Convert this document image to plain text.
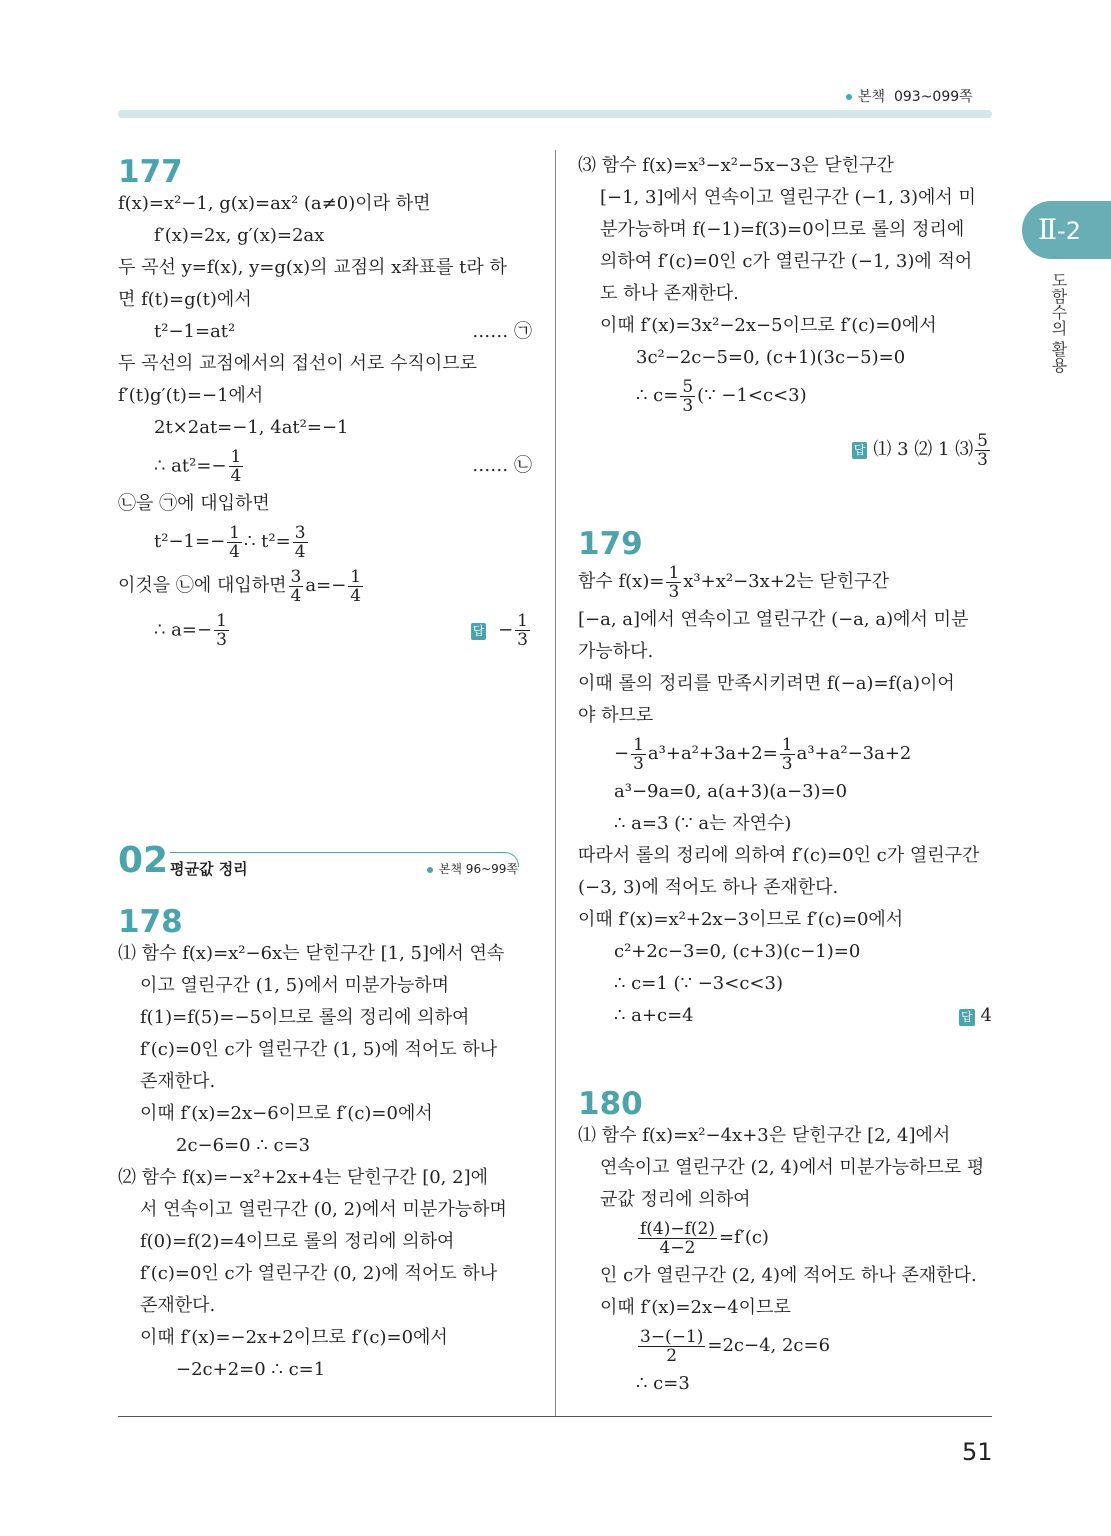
본책 093~099쪽
Ⅱ-2
도함수의 활용
51
177
f(x)=x²−1, g(x)=ax² (a≠0)이라 하면
f′(x)=2x, g′(x)=2ax
두 곡선 y=f(x), y=g(x)의 교점의 x좌표를 t라 하
면 f(t)=g(t)에서
t²−1=at²	…… ㉠
두 곡선의 교점에서의 접선이 서로 수직이므로
f′(t)g′(t)=−1에서
2t×2at=−1, 4at²=−1
∴ $at^2=- \frac{1}{4}$	…… ㉡
㉡을 ㉠에 대입하면
$t^2-1=- \frac{1}{4}$ ∴ $t^2= \frac{3}{4}$
이것을 ㉡에 대입하면 $\frac{3}{4} a=- \frac{1}{4}$
∴ $a=- \frac{1}{3}$	답 − $\frac{1}{3}$
02 평균값 정리	본책 96~99쪽
178
⑴ 함수 f(x)=x²−6x는 닫힌구간 [1, 5]에서 연속
이고 열린구간 (1, 5)에서 미분가능하며
f(1)=f(5)=−5이므로 롤의 정리에 의하여
f′(c)=0인 c가 열린구간 (1, 5)에 적어도 하나
존재한다.
이때 f′(x)=2x−6이므로 f′(c)=0에서
2c−6=0 ∴ c=3
⑵ 함수 f(x)=−x²+2x+4는 닫힌구간 [0, 2]에
서 연속이고 열린구간 (0, 2)에서 미분가능하며
f(0)=f(2)=4이므로 롤의 정리에 의하여
f′(c)=0인 c가 열린구간 (0, 2)에 적어도 하나
존재한다.
이때 f′(x)=−2x+2이므로 f′(c)=0에서
−2c+2=0 ∴ c=1
⑶ 함수 f(x)=x³−x²−5x−3은 닫힌구간
[−1, 3]에서 연속이고 열린구간 (−1, 3)에서 미
분가능하며 f(−1)=f(3)=0이므로 롤의 정리에
의하여 f′(c)=0인 c가 열린구간 (−1, 3)에 적어
도 하나 존재한다.
이때 f′(x)=3x²−2x−5이므로 f′(c)=0에서
3c²−2c−5=0, (c+1)(3c−5)=0
∴ $c= \frac{5}{3}$ (∵ −1<c<3)
답 ⑴ 3 ⑵ 1 ⑶ $\frac{5}{3}$
179
함수 $f(x)= \frac{1}{3} x^3+x^2-3x+2$는 닫힌구간
[−a, a]에서 연속이고 열린구간 (−a, a)에서 미분
가능하다.
이때 롤의 정리를 만족시키려면 f(−a)=f(a)이어
야 하므로
− $\frac{1}{3} a^3+a^2+3a+2= \frac{1}{3} a^3+a^2-3a+2$
a³−9a=0, a(a+3)(a−3)=0
∴ a=3 (∵ a는 자연수)
따라서 롤의 정리에 의하여 f′(c)=0인 c가 열린구간
(−3, 3)에 적어도 하나 존재한다.
이때 f′(x)=x²+2x−3이므로 f′(c)=0에서
c²+2c−3=0, (c+3)(c−1)=0
∴ c=1 (∵ −3<c<3)
∴ a+c=4	답 4
180
⑴ 함수 f(x)=x²−4x+3은 닫힌구간 [2, 4]에서
연속이고 열린구간 (2, 4)에서 미분가능하므로 평
균값 정리에 의하여
$\frac{f(4)-f(2)}{4-2} =f'(c)$
인 c가 열린구간 (2, 4)에 적어도 하나 존재한다.
이때 f′(x)=2x−4이므로
$\frac{3-(-1)}{2} =2c-4$, 2c=6
∴ c=3
